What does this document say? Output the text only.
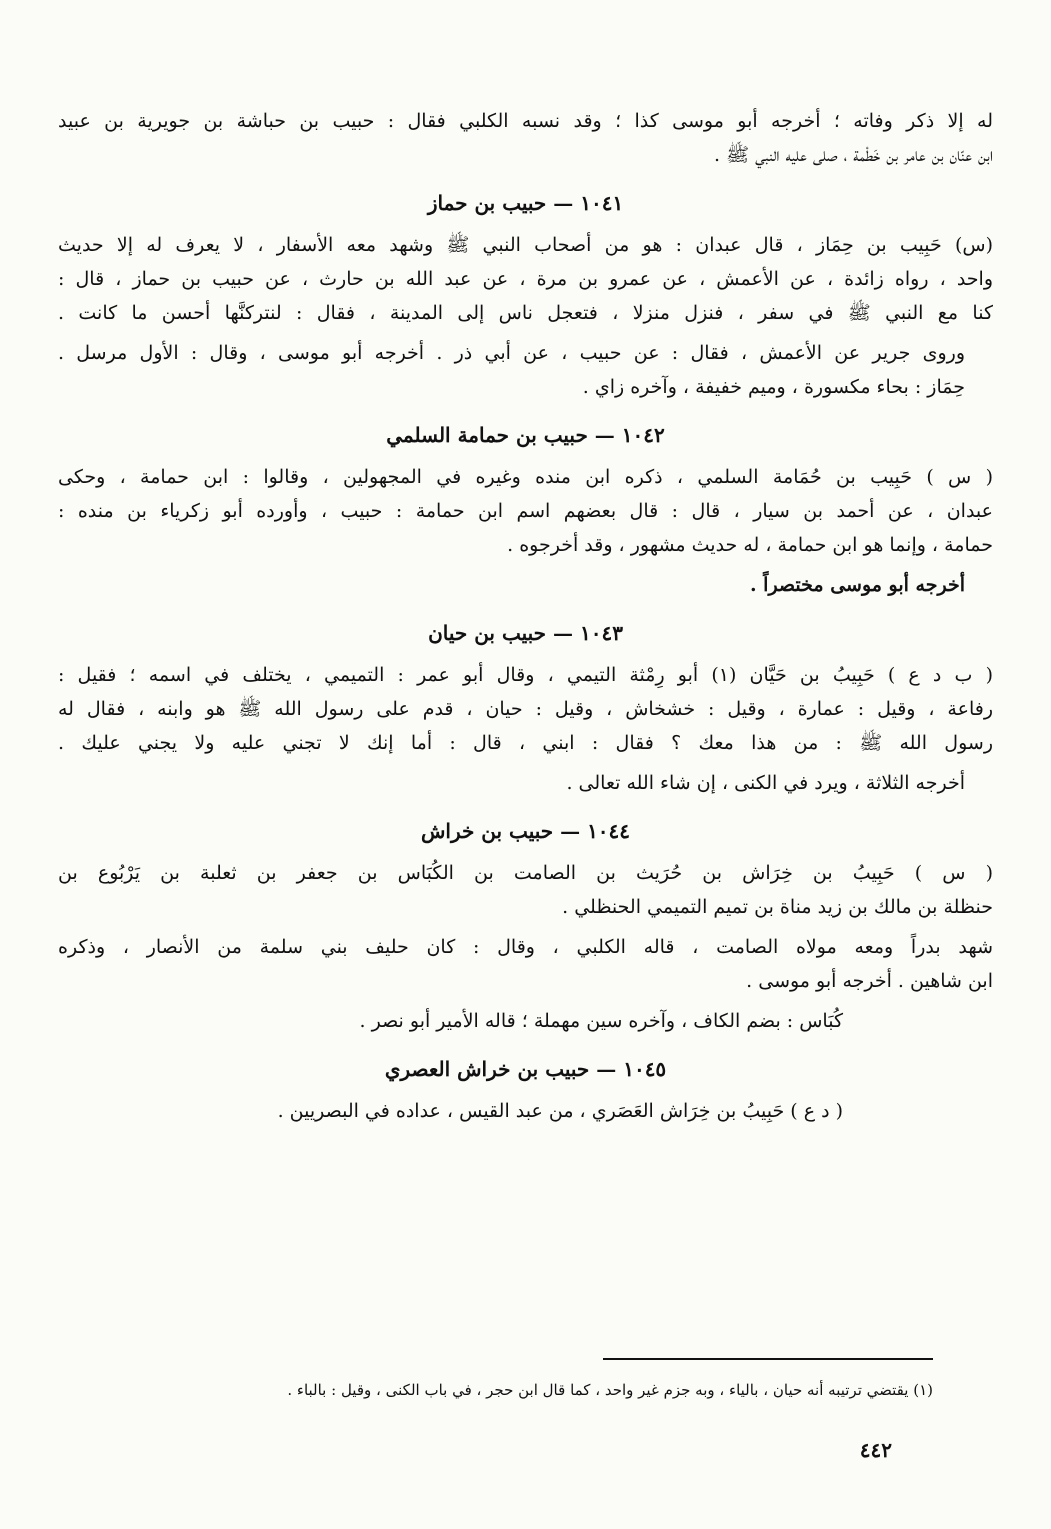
له إلا ذكر وفاته ؛ أخرجه أبو موسى كذا ؛ وقد نسبه الكلبي فقال : حبيب بن حباشة بن جويرية بن عبيد
ابن عنّان بن عامر بن خَطْمة ، صلى عليه النبي ﷺ .
١٠٤١ — حبيب بن حماز
(س) حَبِيب بن حِمَاز ، قال عبدان : هو من أصحاب النبي ﷺ وشهد معه الأسفار ، لا يعرف له إلا حديث
واحد ، رواه زائدة ، عن الأعمش ، عن عمرو بن مرة ، عن عبد الله بن حارث ، عن حبيب بن حماز ، قال :
كنا مع النبي ﷺ في سفر ، فنزل منزلا ، فتعجل ناس إلى المدينة ، فقال : لنتركنَّها أحسن ما كانت .
وروى جرير عن الأعمش ، فقال : عن حبيب ، عن أبي ذر . أخرجه أبو موسى ، وقال : الأول مرسل .
حِمَاز : بحاء مكسورة ، وميم خفيفة ، وآخره زاي .
١٠٤٢ — حبيب بن حمامة السلمي
( س ) حَبِيب بن حُمَامة السلمي ، ذكره ابن منده وغيره في المجهولين ، وقالوا : ابن حمامة ، وحكى
عبدان ، عن أحمد بن سيار ، قال : قال بعضهم اسم ابن حمامة : حبيب ، وأورده أبو زكرياء بن منده :
حمامة ، وإنما هو ابن حمامة ، له حديث مشهور ، وقد أخرجوه .
أخرجه أبو موسى مختصراً .
١٠٤٣ — حبيب بن حيان
( ب د ع ) حَبِيبُ بن حَيَّان (١) أبو رِمْثة التيمي ، وقال أبو عمر : التميمي ، يختلف في اسمه ؛ فقيل :
رفاعة ، وقيل : عمارة ، وقيل : خشخاش ، وقيل : حيان ، قدم على رسول الله ﷺ هو وابنه ، فقال له
رسول الله ﷺ : من هذا معك ؟ فقال : ابني ، قال : أما إنك لا تجني عليه ولا يجني عليك .
أخرجه الثلاثة ، ويرد في الكنى ، إن شاء الله تعالى .
١٠٤٤ — حبيب بن خراش
( س ) حَبِيبُ بن خِرَاش بن حُرَيث بن الصامت بن الكُبَاس بن جعفر بن ثعلبة بن يَرْبُوع بن
حنظلة بن مالك بن زيد مناة بن تميم التميمي الحنظلي .
شهد بدراً ومعه مولاه الصامت ، قاله الكلبي ، وقال : كان حليف بني سلمة من الأنصار ، وذكره
ابن شاهين . أخرجه أبو موسى .
كُبَاس : بضم الكاف ، وآخره سين مهملة ؛ قاله الأمير أبو نصر .
١٠٤٥ — حبيب بن خراش العصري
( د ع ) حَبِيبُ بن خِرَاش العَصَري ، من عبد القيس ، عداده في البصريين .
(١) يقتضي ترتيبه أنه حيان ، بالياء ، وبه جزم غير واحد ، كما قال ابن حجر ، في باب الكنى ، وقيل : بالباء .
٤٤٢
